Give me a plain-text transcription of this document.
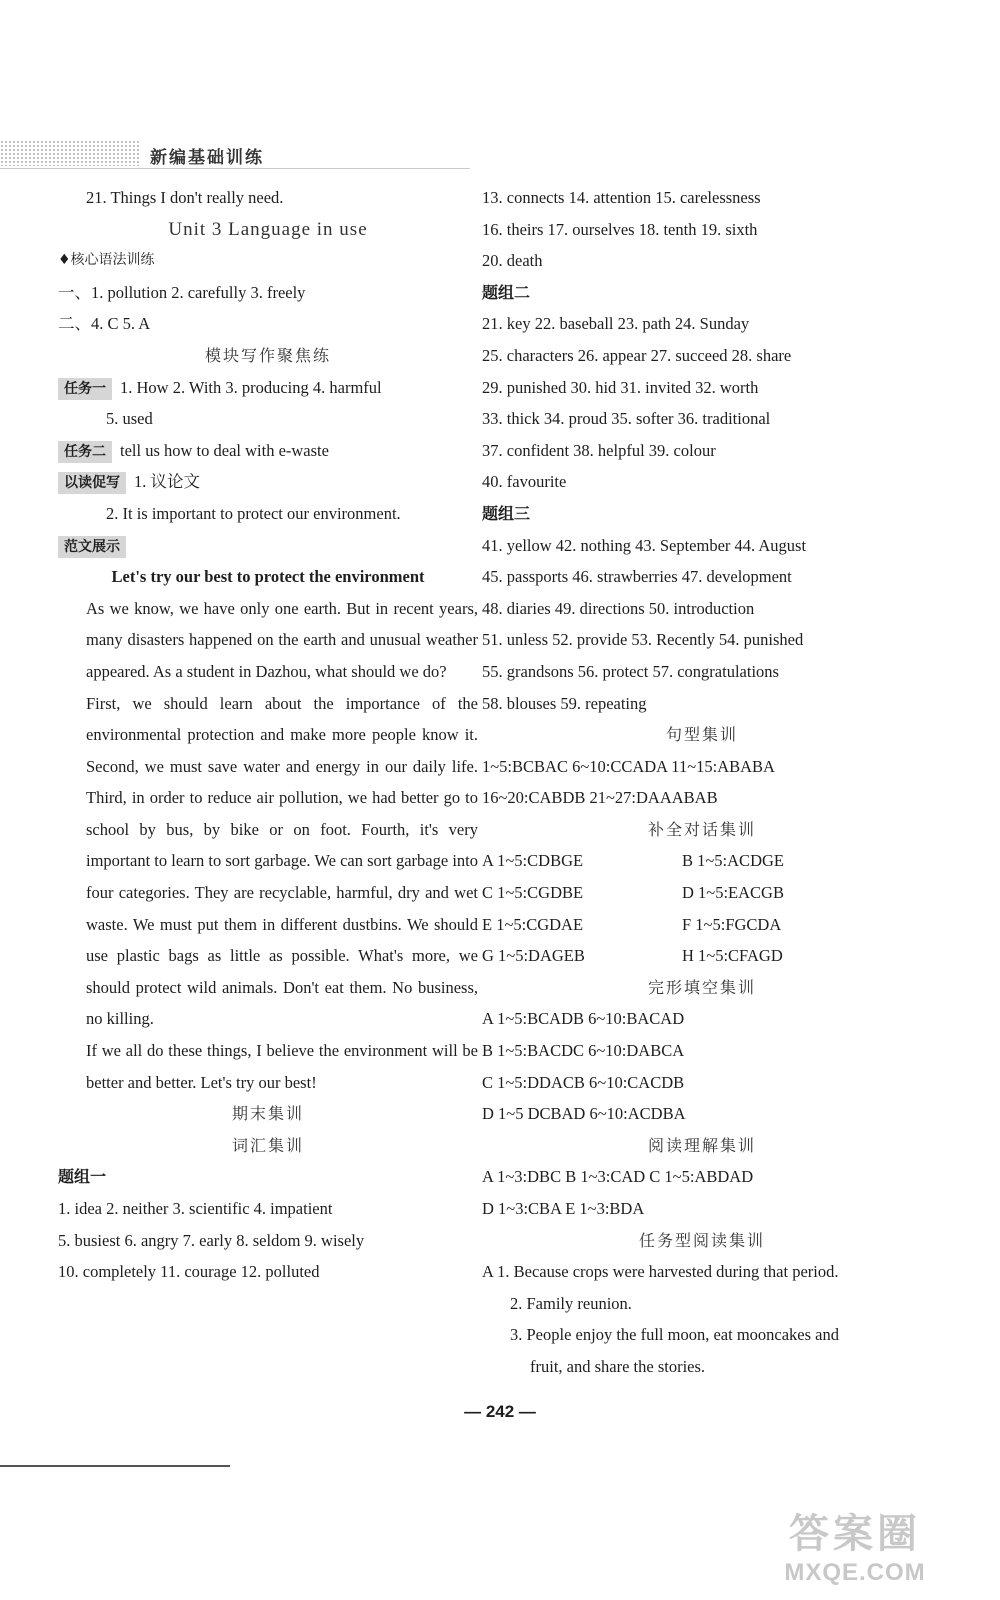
新编基础训练
21. Things I don't really need.
Unit 3 Language in use
♦核心语法训练
一、1. pollution 2. carefully 3. freely
二、4. C 5. A
模块写作聚焦练
任务一 1. How 2. With 3. producing 4. harmful
5. used
任务二 tell us how to deal with e-waste
以读促写 1. 议论文
2. It is important to protect our environment.
范文展示
Let's try our best to protect the environment
As we know, we have only one earth. But in recent years, many disasters happened on the earth and unusual weather appeared. As a student in Dazhou, what should we do?
First, we should learn about the importance of the environmental protection and make more people know it. Second, we must save water and energy in our daily life. Third, in order to reduce air pollution, we had better go to school by bus, by bike or on foot. Fourth, it's very important to learn to sort garbage. We can sort garbage into four categories. They are recyclable, harmful, dry and wet waste. We must put them in different dustbins. We should use plastic bags as little as possible. What's more, we should protect wild animals. Don't eat them. No business, no killing.
If we all do these things, I believe the environment will be better and better. Let's try our best!
期末集训
词汇集训
题组一
1. idea 2. neither 3. scientific 4. impatient
5. busiest 6. angry 7. early 8. seldom 9. wisely
10. completely 11. courage 12. polluted
13. connects 14. attention 15. carelessness
16. theirs 17. ourselves 18. tenth 19. sixth
20. death
题组二
21. key 22. baseball 23. path 24. Sunday
25. characters 26. appear 27. succeed 28. share
29. punished 30. hid 31. invited 32. worth
33. thick 34. proud 35. softer 36. traditional
37. confident 38. helpful 39. colour
40. favourite
题组三
41. yellow 42. nothing 43. September 44. August
45. passports 46. strawberries 47. development
48. diaries 49. directions 50. introduction
51. unless 52. provide 53. Recently 54. punished
55. grandsons 56. protect 57. congratulations
58. blouses 59. repeating
句型集训
1~5:BCBAC 6~10:CCADA 11~15:ABABA
16~20:CABDB 21~27:DAAABAB
补全对话集训
A 1~5:CDBGE	B 1~5:ACDGE
C 1~5:CGDBE	D 1~5:EACGB
E 1~5:CGDAE	F 1~5:FGCDA
G 1~5:DAGEB	H 1~5:CFAGD
完形填空集训
A 1~5:BCADB 6~10:BACAD
B 1~5:BACDC 6~10:DABCA
C 1~5:DDACB 6~10:CACDB
D 1~5 DCBAD 6~10:ACDBA
阅读理解集训
A 1~3:DBC B 1~3:CAD C 1~5:ABDAD
D 1~3:CBA E 1~3:BDA
任务型阅读集训
A 1. Because crops were harvested during that period.
2. Family reunion.
3. People enjoy the full moon, eat mooncakes and
fruit, and share the stories.
— 242 —
答案圈
MXQE.COM
